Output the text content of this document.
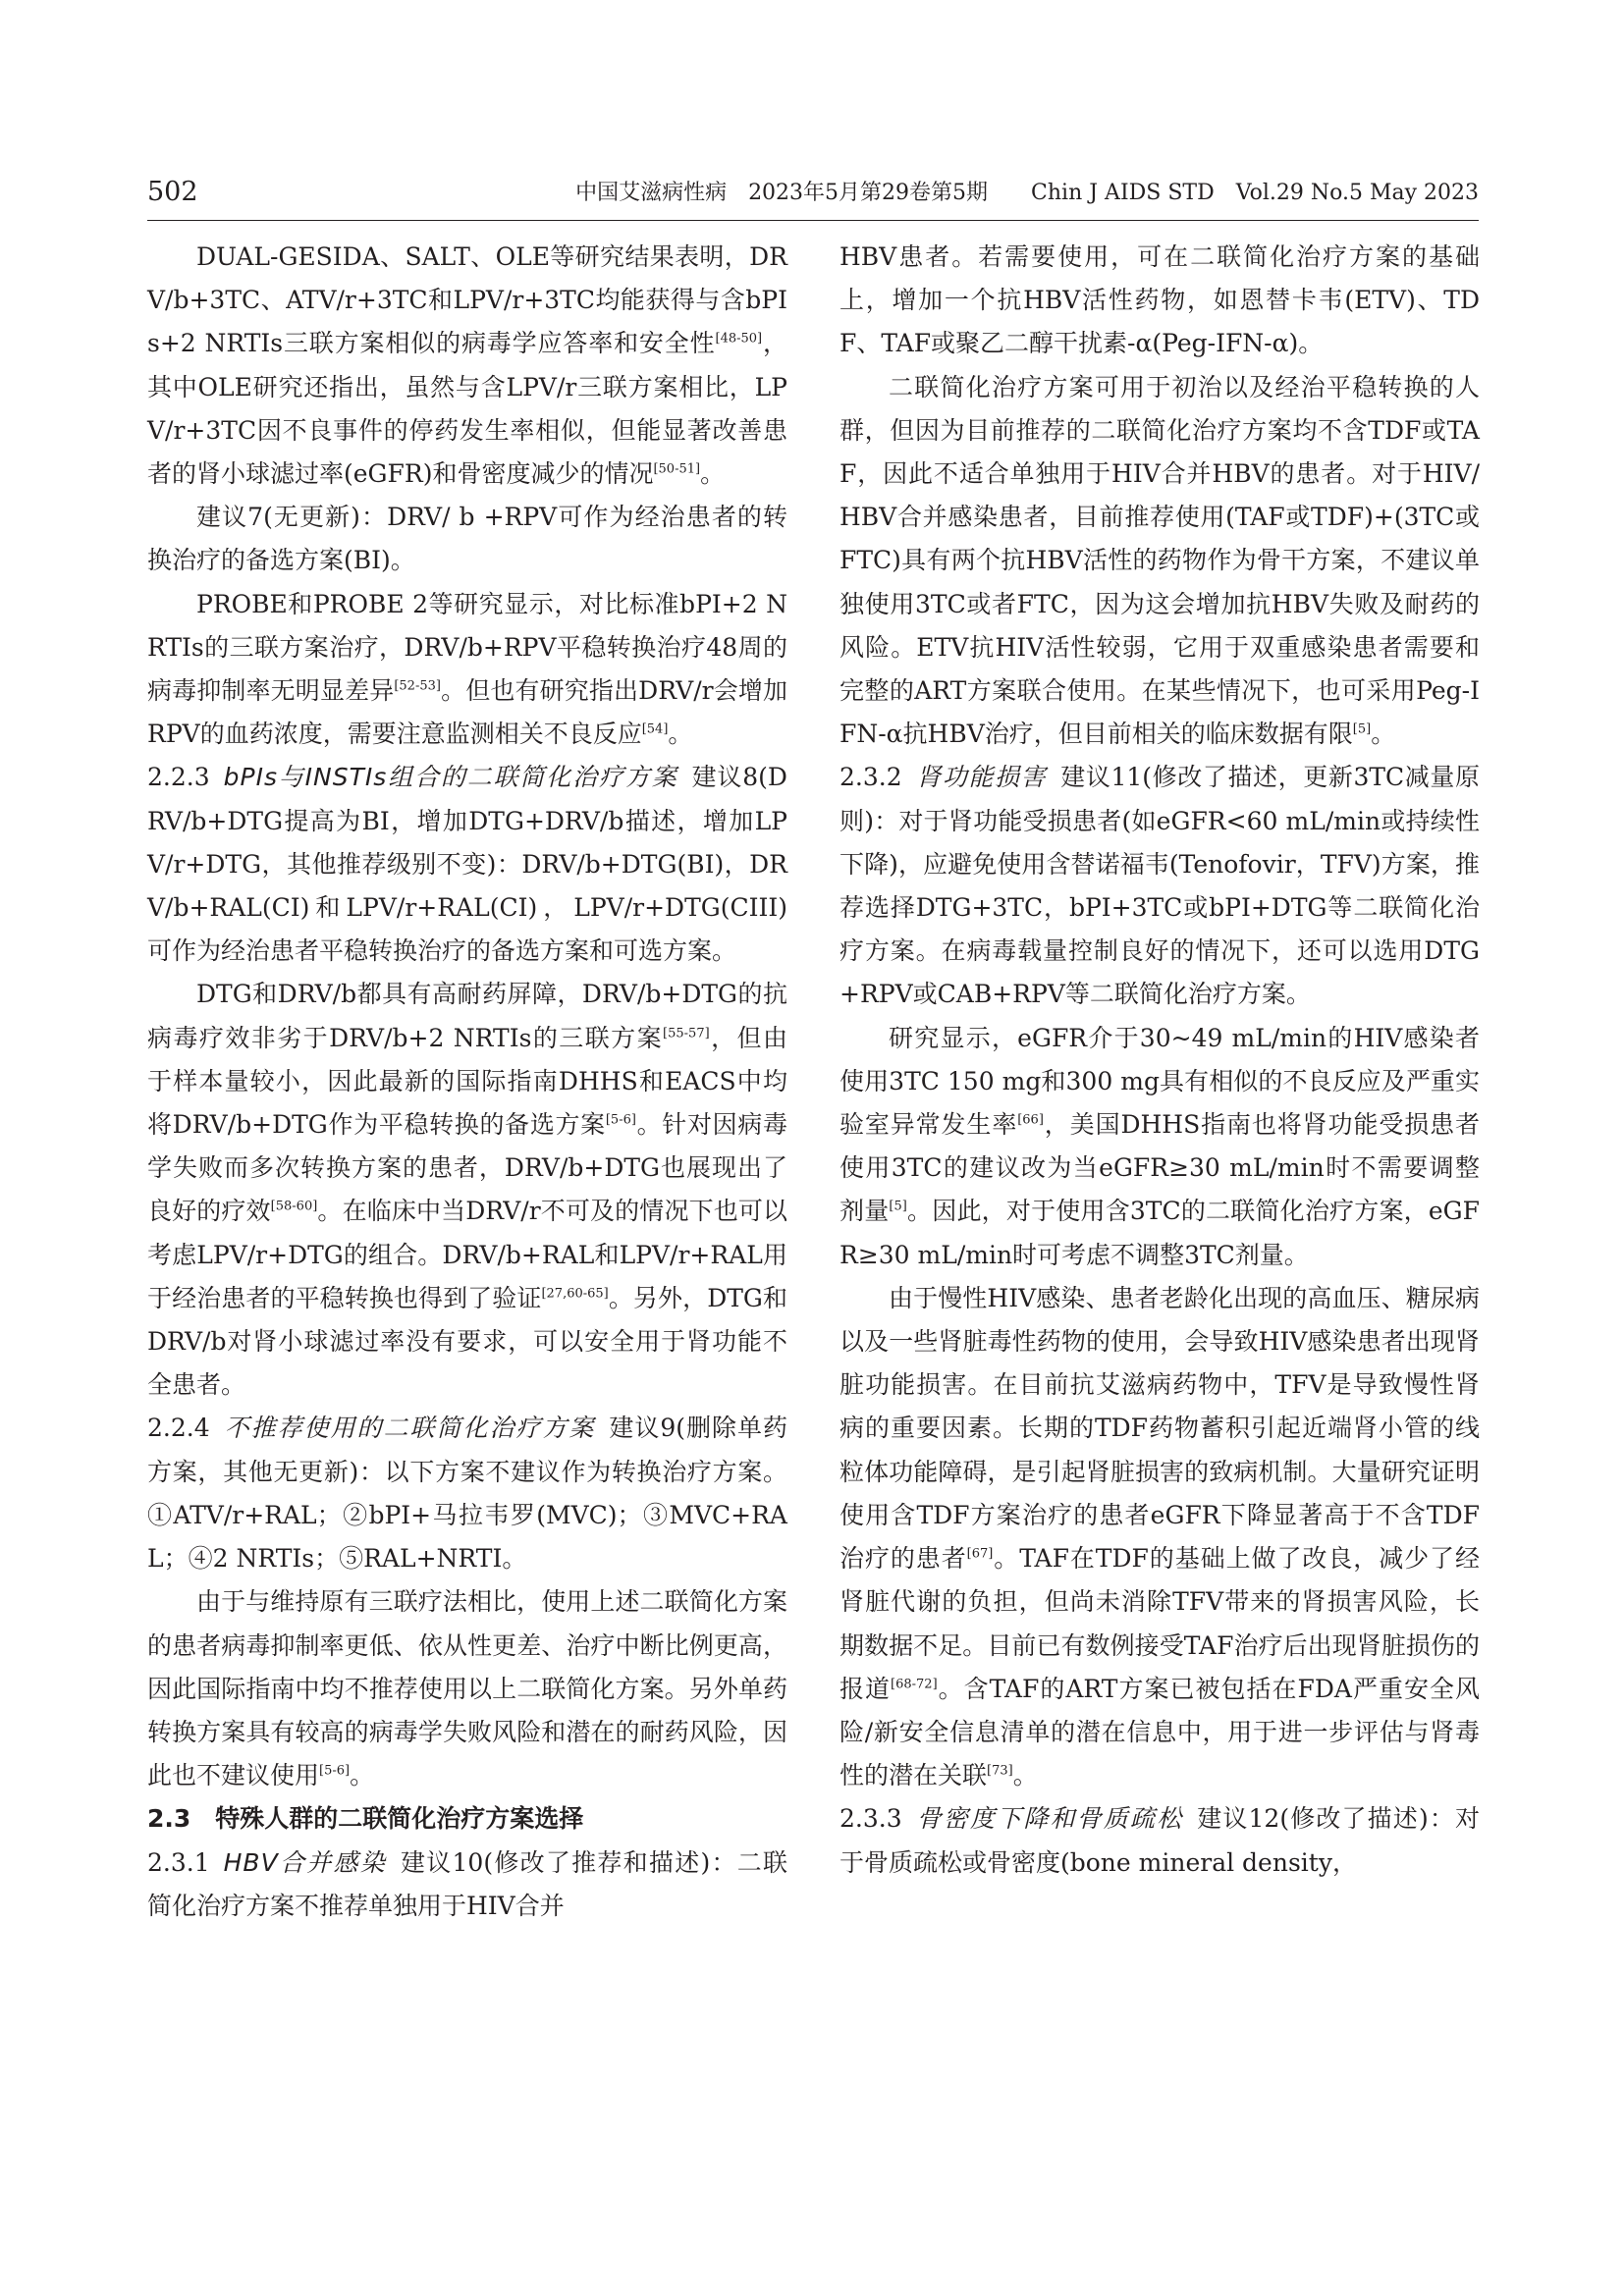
502	中国艾滋病性病　2023年5月第29卷第5期　　Chin J AIDS STD　Vol.29 No.5 May 2023

DUAL-GESIDA、SALT、OLE等研究结果表明，DRV/b+3TC、ATV/r+3TC和LPV/r+3TC均能获得与含bPIs+2 NRTIs三联方案相似的病毒学应答率和安全性[48-50]，其中OLE研究还指出，虽然与含LPV/r三联方案相比，LPV/r+3TC因不良事件的停药发生率相似，但能显著改善患者的肾小球滤过率(eGFR)和骨密度减少的情况[50-51]。

建议7(无更新)：DRV/ b +RPV可作为经治患者的转换治疗的备选方案(BI)。

PROBE和PROBE 2等研究显示，对比标准bPI+2 NRTIs的三联方案治疗，DRV/b+RPV平稳转换治疗48周的病毒抑制率无明显差异[52-53]。但也有研究指出DRV/r会增加RPV的血药浓度，需要注意监测相关不良反应[54]。

2.2.3 bPIs与INSTIs组合的二联简化治疗方案 建议8(DRV/b+DTG提高为BI，增加DTG+DRV/b描述，增加LPV/r+DTG，其他推荐级别不变)：DRV/b+DTG(BI)，DRV/b+RAL(CI)和LPV/r+RAL(CI)，LPV/r+DTG(CIII)可作为经治患者平稳转换治疗的备选方案和可选方案。

DTG和DRV/b都具有高耐药屏障，DRV/b+DTG的抗病毒疗效非劣于DRV/b+2 NRTIs的三联方案[55-57]，但由于样本量较小，因此最新的国际指南DHHS和EACS中均将DRV/b+DTG作为平稳转换的备选方案[5-6]。针对因病毒学失败而多次转换方案的患者，DRV/b+DTG也展现出了良好的疗效[58-60]。在临床中当DRV/r不可及的情况下也可以考虑LPV/r+DTG的组合。DRV/b+RAL和LPV/r+RAL用于经治患者的平稳转换也得到了验证[27,60-65]。另外，DTG和DRV/b对肾小球滤过率没有要求，可以安全用于肾功能不全患者。

2.2.4 不推荐使用的二联简化治疗方案 建议9(删除单药方案，其他无更新)：以下方案不建议作为转换治疗方案。①ATV/r+RAL；②bPI+马拉韦罗(MVC)；③MVC+RAL；④2 NRTIs；⑤RAL+NRTI。

由于与维持原有三联疗法相比，使用上述二联简化方案的患者病毒抑制率更低、依从性更差、治疗中断比例更高，因此国际指南中均不推荐使用以上二联简化方案。另外单药转换方案具有较高的病毒学失败风险和潜在的耐药风险，因此也不建议使用[5-6]。

2.3　特殊人群的二联简化治疗方案选择

2.3.1 HBV合并感染 建议10(修改了推荐和描述)：二联简化治疗方案不推荐单独用于HIV合并

HBV患者。若需要使用，可在二联简化治疗方案的基础上，增加一个抗HBV活性药物，如恩替卡韦(ETV)、TDF、TAF或聚乙二醇干扰素-α(Peg-IFN-α)。

二联简化治疗方案可用于初治以及经治平稳转换的人群，但因为目前推荐的二联简化治疗方案均不含TDF或TAF，因此不适合单独用于HIV合并HBV的患者。对于HIV/HBV合并感染患者，目前推荐使用(TAF或TDF)+(3TC或FTC)具有两个抗HBV活性的药物作为骨干方案，不建议单独使用3TC或者FTC，因为这会增加抗HBV失败及耐药的风险。ETV抗HIV活性较弱，它用于双重感染患者需要和完整的ART方案联合使用。在某些情况下，也可采用Peg-IFN-α抗HBV治疗，但目前相关的临床数据有限[5]。

2.3.2 肾功能损害 建议11(修改了描述，更新3TC减量原则)：对于肾功能受损患者(如eGFR<60 mL/min或持续性下降)，应避免使用含替诺福韦(Tenofovir，TFV)方案，推荐选择DTG+3TC，bPI+3TC或bPI+DTG等二联简化治疗方案。在病毒载量控制良好的情况下，还可以选用DTG+RPV或CAB+RPV等二联简化治疗方案。

研究显示，eGFR介于30~49 mL/min的HIV感染者使用3TC 150 mg和300 mg具有相似的不良反应及严重实验室异常发生率[66]，美国DHHS指南也将肾功能受损患者使用3TC的建议改为当eGFR≥30 mL/min时不需要调整剂量[5]。因此，对于使用含3TC的二联简化治疗方案，eGFR≥30 mL/min时可考虑不调整3TC剂量。

由于慢性HIV感染、患者老龄化出现的高血压、糖尿病以及一些肾脏毒性药物的使用，会导致HIV感染患者出现肾脏功能损害。在目前抗艾滋病药物中，TFV是导致慢性肾病的重要因素。长期的TDF药物蓄积引起近端肾小管的线粒体功能障碍，是引起肾脏损害的致病机制。大量研究证明使用含TDF方案治疗的患者eGFR下降显著高于不含TDF治疗的患者[67]。TAF在TDF的基础上做了改良，减少了经肾脏代谢的负担，但尚未消除TFV带来的肾损害风险，长期数据不足。目前已有数例接受TAF治疗后出现肾脏损伤的报道[68-72]。含TAF的ART方案已被包括在FDA严重安全风险/新安全信息清单的潜在信息中，用于进一步评估与肾毒性的潜在关联[73]。

2.3.3 骨密度下降和骨质疏松 建议12(修改了描述)：对于骨质疏松或骨密度(bone mineral density，
